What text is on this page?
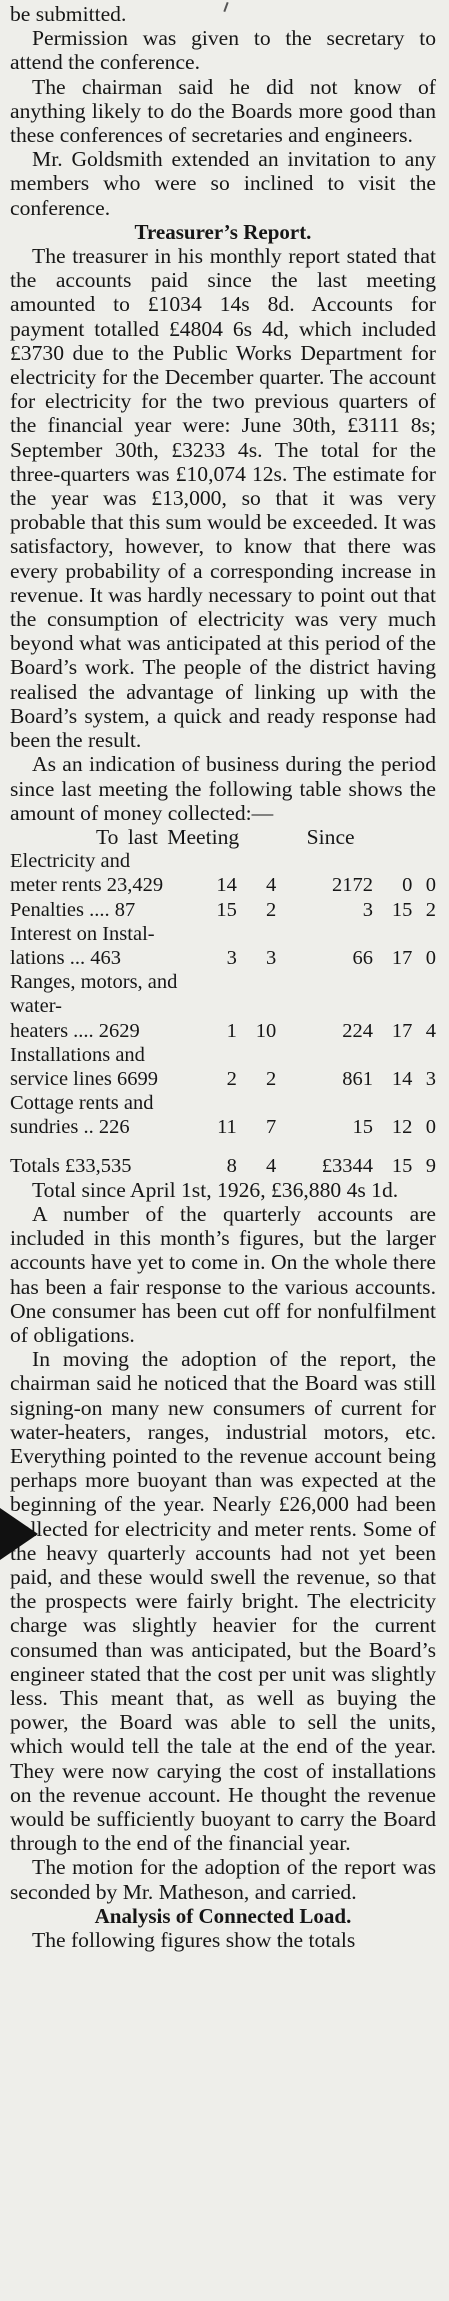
be submitted.

Permission was given to the secretary to attend the conference.

The chairman said he did not know of anything likely to do the Boards more good than these conferences of secretaries and engineers.

Mr. Goldsmith extended an invitation to any members who were so inclined to visit the conference.

Treasurer’s Report.

The treasurer in his monthly report stated that the accounts paid since the last meeting amounted to £1034 14s 8d. Accounts for payment totalled £4804 6s 4d, which included £3730 due to the Public Works Department for electricity for the December quarter. The account for electricity for the two previous quarters of the financial year were: June 30th, £3111 8s; September 30th, £3233 4s. The total for the three-quarters was £10,074 12s. The estimate for the year was £13,000, so that it was very probable that this sum would be exceeded. It was satisfactory, however, to know that there was every probability of a corresponding increase in revenue. It was hardly necessary to point out that the consumption of electricity was very much beyond what was anticipated at this period of the Board’s work. The people of the district having realised the advantage of linking up with the Board’s system, a quick and ready response had been the result.

As an indication of business during the period since last meeting the following table shows the amount of money collected:—

To last Meeting	Since

Electricity and						
meter rents 23,429	14	4		2172	0	0
Penalties .... 87	15	2		3	15	2
Interest on Instal-						
lations ... 463	3	3		66	17	0
Ranges, motors, and						
water-						
heaters .... 2629	1	10		224	17	4
Installations and						
service lines 6699	2	2		861	14	3
Cottage rents and						
sundries .. 226	11	7		15	12	0
Totals £33,535	8	4		£3344	15	9

Total since April 1st, 1926, £36,880 4s 1d.

A number of the quarterly accounts are included in this month’s figures, but the larger accounts have yet to come in. On the whole there has been a fair response to the various accounts. One consumer has been cut off for nonfulfilment of obligations.

In moving the adoption of the report, the chairman said he noticed that the Board was still signing-on many new consumers of current for water-heaters, ranges, industrial motors, etc. Everything pointed to the revenue account being perhaps more buoyant than was expected at the beginning of the year. Nearly £26,000 had been collected for electricity and meter rents. Some of the heavy quarterly accounts had not yet been paid, and these would swell the revenue, so that the prospects were fairly bright. The electricity charge was slightly heavier for the current consumed than was anticipated, but the Board’s engineer stated that the cost per unit was slightly less. This meant that, as well as buying the power, the Board was able to sell the units, which would tell the tale at the end of the year. They were now carying the cost of installations on the revenue account. He thought the revenue would be sufficiently buoyant to carry the Board through to the end of the financial year.

The motion for the adoption of the report was seconded by Mr. Matheson, and carried.

Analysis of Connected Load.

The following figures show the totals
